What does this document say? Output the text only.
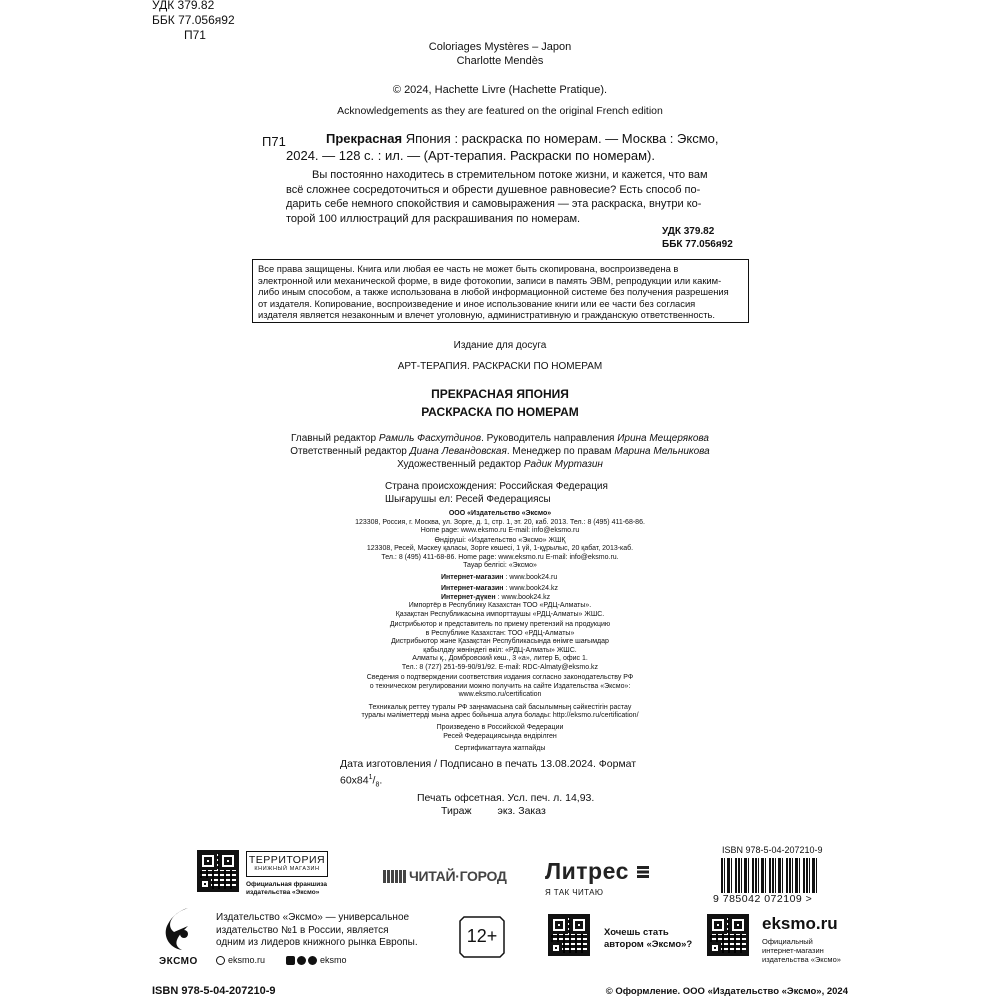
УДК 379.82
ББК 77.056я92
П71
Coloriages Mystères – Japon
Charlotte Mendès
© 2024, Hachette Livre (Hachette Pratique).
Acknowledgements as they are featured on the original French edition
П71	Прекрасная Япония : раскраска по номерам. — Москва : Эксмо,
2024. — 128 с. : ил. — (Арт-терапия. Раскраски по номерам).
Вы постоянно находитесь в стремительном потоке жизни, и кажется, что вам
всё сложнее сосредоточиться и обрести душевное равновесие? Есть способ по-
дарить себе немного спокойствия и самовыражения — эта раскраска, внутри ко-
торой 100 иллюстраций для раскрашивания по номерам.
УДК 379.82
ББК 77.056я92
Все права защищены. Книга или любая ее часть не может быть скопирована, воспроизведена в
электронной или механической форме, в виде фотокопии, записи в память ЭВМ, репродукции или каким-
либо иным способом, а также использована в любой информационной системе без получения разрешения
от издателя. Копирование, воспроизведение и иное использование книги или ее части без согласия
издателя является незаконным и влечет уголовную, административную и гражданскую ответственность.
Издание для досуга
АРТ-ТЕРАПИЯ. РАСКРАСКИ ПО НОМЕРАМ
ПРЕКРАСНАЯ ЯПОНИЯ
РАСКРАСКА ПО НОМЕРАМ
Главный редактор Рамиль Фасхутдинов. Руководитель направления Ирина Мещерякова
Ответственный редактор Диана Левандовская. Менеджер по правам Марина Мельникова
Художественный редактор Радик Муртазин
Страна происхождения: Российская Федерация
Шығарушы ел: Ресей Федерациясы
ООО «Издательство «Эксмо»
123308, Россия, г. Москва, ул. Зорге, д. 1, стр. 1, эт. 20, каб. 2013. Тел.: 8 (495) 411-68-86.
Home page: www.eksmo.ru E-mail: info@eksmo.ru
Өндіруші: «Издательство «Эксмо» ЖШҚ
123308, Ресей, Мәскеу қаласы, Зорге көшесі, 1 үй, 1-құрылыс, 20 қабат, 2013-каб.
Тел.: 8 (495) 411-68-86. Home page: www.eksmo.ru E-mail: info@eksmo.ru.
Тауар белгісі: «Эксмо»
Интернет-магазин : www.book24.ru
Интернет-магазин : www.book24.kz
Интернет-дүкен : www.book24.kz
Импортёр в Республику Казахстан ТОО «РДЦ-Алматы».
Қазақстан Республикасына импорттаушы «РДЦ-Алматы» ЖШС.
Дистрибьютор и представитель по приему претензий на продукцию
в Республике Казахстан: ТОО «РДЦ-Алматы»
Дистрибьютор және Қазақстан Республикасында өнімге шағымдар
қабылдау жөніндегі өкіл: «РДЦ-Алматы» ЖШС.
Алматы қ., Домбровский көш., 3 «а», литер Б, офис 1.
Тел.: 8 (727) 251-59-90/91/92. E-mail: RDC-Almaty@eksmo.kz
Сведения о подтверждении соответствия издания согласно законодательству РФ
о техническом регулировании можно получить на сайте Издательства «Эксмо»:
www.eksmo.ru/certification
Техникалық реттеу туралы РФ заңнамасына сай басылымның сәйкестігін растау
туралы мәліметтерді мына адрес бойынша алуға болады: http://eksmo.ru/certification/
Произведено в Российской Федерации
Ресей Федерациясында өндірілген
Сертификаттауға жатпайды
Дата изготовления / Подписано в печать 13.08.2024. Формат $60х84^1/_8$.
Печать офсетная. Усл. печ. л. 14,93.
Тираж экз. Заказ
ТЕРРИТОРИЯ
КНИЖНЫЙ МАГАЗИН
Официальная франшиза
издательства «Эксмо»
ЧИТАЙ·ГОРОД Литрес
Я ТАК ЧИТАЮ
ISBN 978-5-04-207210-9
9 785042 072109 >
ЭКСМО
Издательство «Эксмо» — универсальное
издательство №1 в России, является
одним из лидеров книжного рынка Европы.
eksmo.ru	eksmo
12+	Хочешь стать
автором «Эксмо»?
eksmo.ru
Официальный
интернет-магазин
издательства «Эксмо»
ISBN 978-5-04-207210-9	© Оформление. ООО «Издательство «Эксмо», 2024
